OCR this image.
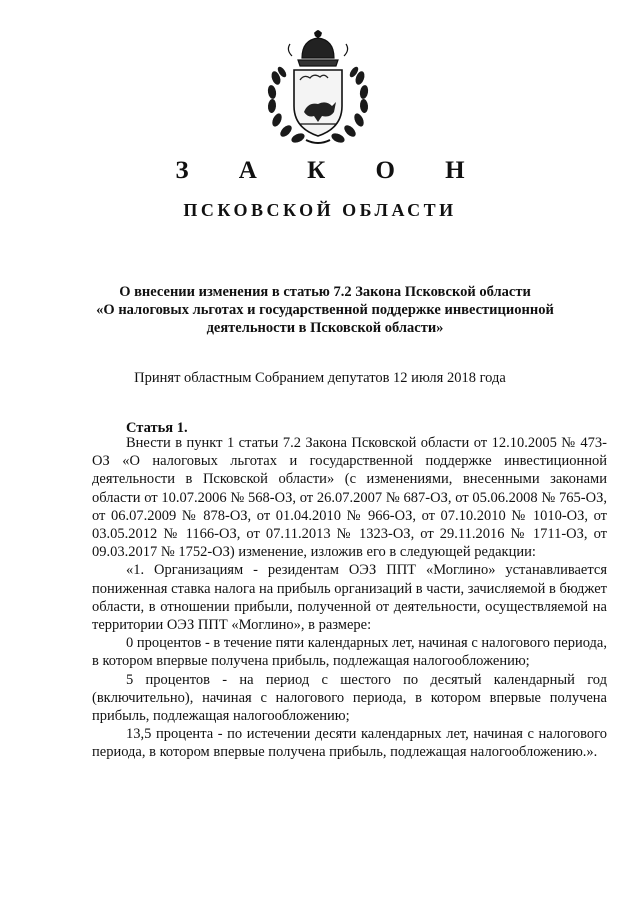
З А К О Н
ПСКОВСКОЙ ОБЛАСТИ
О внесении изменения в статью 7.2 Закона Псковской области
«О налоговых льготах и государственной поддержке инвестиционной
деятельности в Псковской области»
Принят областным Собранием депутатов 12 июля 2018 года
Статья 1.

Внести в пункт 1 статьи 7.2 Закона Псковской области от 12.10.2005 № 473-ОЗ «О налоговых льготах и государственной поддержке инвестиционной деятельности в Псковской области» (с изменениями, внесенными законами области от 10.07.2006 № 568-ОЗ, от 26.07.2007 № 687-ОЗ, от 05.06.2008 № 765-ОЗ, от 06.07.2009 № 878-ОЗ, от 01.04.2010 № 966-ОЗ, от 07.10.2010 № 1010-ОЗ, от 03.05.2012 № 1166-ОЗ, от 07.11.2013 № 1323-ОЗ, от 29.11.2016 № 1711-ОЗ, от 09.03.2017 № 1752-ОЗ) изменение, изложив его в следующей редакции:

«1. Организациям - резидентам ОЭЗ ППТ «Моглино» устанавливается пониженная ставка налога на прибыль организаций в части, зачисляемой в бюджет области, в отношении прибыли, полученной от деятельности, осуществляемой на территории ОЭЗ ППТ «Моглино», в размере:

0 процентов - в течение пяти календарных лет, начиная с налогового периода, в котором впервые получена прибыль, подлежащая налогообложению;

5 процентов - на период с шестого по десятый календарный год (включительно), начиная с налогового периода, в котором впервые получена прибыль, подлежащая налогообложению;

13,5 процента - по истечении десяти календарных лет, начиная с налогового периода, в котором впервые получена прибыль, подлежащая налогообложению.».
